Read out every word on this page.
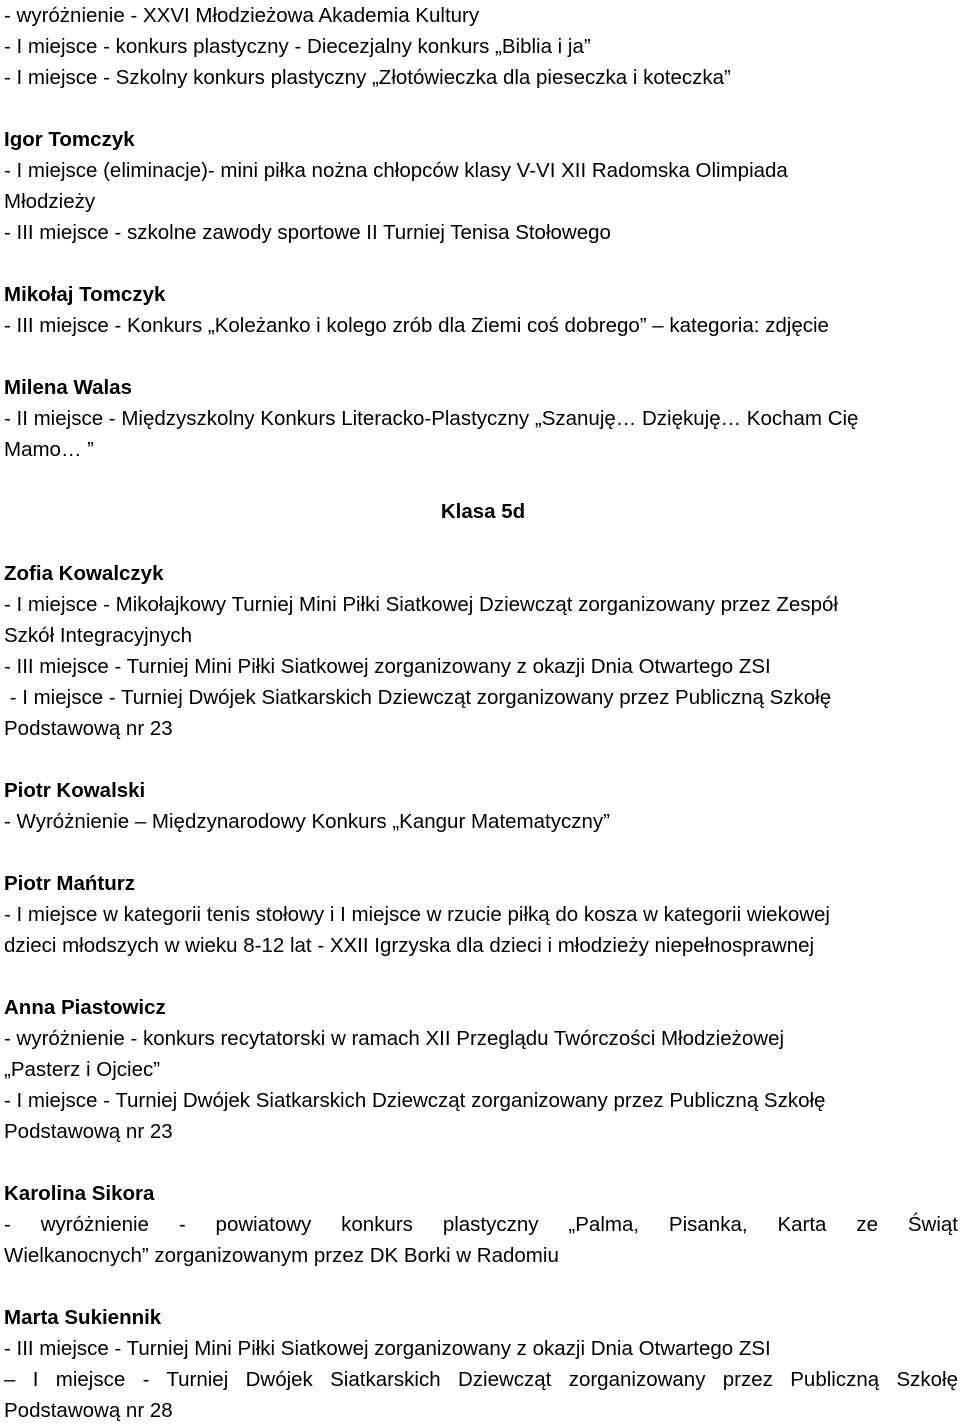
- wyróżnienie - XXVI Młodzieżowa Akademia Kultury
- I miejsce - konkurs plastyczny - Diecezjalny konkurs „Biblia i ja”
- I miejsce - Szkolny konkurs plastyczny „Złotówieczka dla pieseczka i koteczka”
Igor Tomczyk
- I miejsce (eliminacje)- mini piłka nożna chłopców klasy V-VI XII Radomska Olimpiada
Młodzieży
- III miejsce - szkolne zawody sportowe II Turniej Tenisa Stołowego
Mikołaj Tomczyk
- III miejsce - Konkurs „Koleżanko i kolego zrób dla Ziemi coś dobrego” – kategoria: zdjęcie
Milena Walas
- II miejsce - Międzyszkolny Konkurs Literacko-Plastyczny „Szanuję… Dziękuję… Kocham Cię
Mamo… ”
Klasa 5d
Zofia Kowalczyk
- I miejsce - Mikołajkowy Turniej Mini Piłki Siatkowej Dziewcząt zorganizowany przez Zespół
Szkół Integracyjnych
- III miejsce - Turniej Mini Piłki Siatkowej zorganizowany z okazji Dnia Otwartego ZSI
- I miejsce - Turniej Dwójek Siatkarskich Dziewcząt zorganizowany przez Publiczną Szkołę
Podstawową nr 23
Piotr Kowalski
- Wyróżnienie – Międzynarodowy Konkurs „Kangur Matematyczny”
Piotr Mańturz
- I miejsce w kategorii tenis stołowy i I miejsce w rzucie piłką do kosza w kategorii wiekowej
dzieci młodszych w wieku 8-12 lat - XXII Igrzyska dla dzieci i młodzieży niepełnosprawnej
Anna Piastowicz
- wyróżnienie - konkurs recytatorski w ramach XII Przeglądu Twórczości Młodzieżowej
„Pasterz i Ojciec”
- I miejsce - Turniej Dwójek Siatkarskich Dziewcząt zorganizowany przez Publiczną Szkołę
Podstawową nr 23
Karolina Sikora
- wyróżnienie - powiatowy konkurs plastyczny „Palma, Pisanka, Karta ze Świąt
Wielkanocnych” zorganizowanym przez DK Borki w Radomiu
Marta Sukiennik
- III miejsce - Turniej Mini Piłki Siatkowej zorganizowany z okazji Dnia Otwartego ZSI
– I miejsce - Turniej Dwójek Siatkarskich Dziewcząt zorganizowany przez Publiczną Szkołę
Podstawową nr 28
